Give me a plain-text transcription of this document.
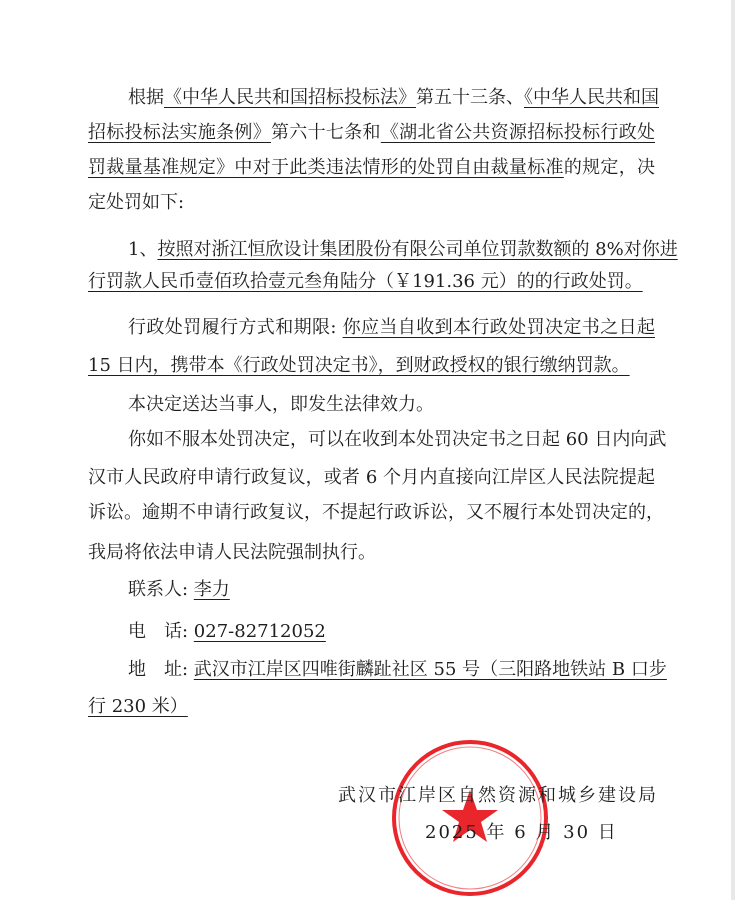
根据《中华人民共和国招标投标法》第五十三条、《中华人民共和国
招标投标法实施条例》第六十七条和《湖北省公共资源招标投标行政处
罚裁量基准规定》中对于此类违法情形的处罚自由裁量标准的规定，决
定处罚如下:
1、按照对浙江恒欣设计集团股份有限公司单位罚款数额的 8%对你进
行罚款人民币壹佰玖拾壹元叁角陆分（￥191.36 元）的的行政处罚。
行政处罚履行方式和期限: 你应当自收到本行政处罚决定书之日起
15 日内，携带本《行政处罚决定书》，到财政授权的银行缴纳罚款。
本决定送达当事人，即发生法律效力。
你如不服本处罚决定，可以在收到本处罚决定书之日起 60 日内向武
汉市人民政府申请行政复议，或者 6 个月内直接向江岸区人民法院提起
诉讼。逾期不申请行政复议，不提起行政诉讼，又不履行本处罚决定的，
我局将依法申请人民法院强制执行。
联系人: 李力
电　话: 027-82712052
地　址: 武汉市江岸区四唯街麟趾社区 55 号（三阳路地铁站 B 口步
行 230 米）
武汉市江岸区自然资源和城乡建设局
2025 年 6 月 30 日
